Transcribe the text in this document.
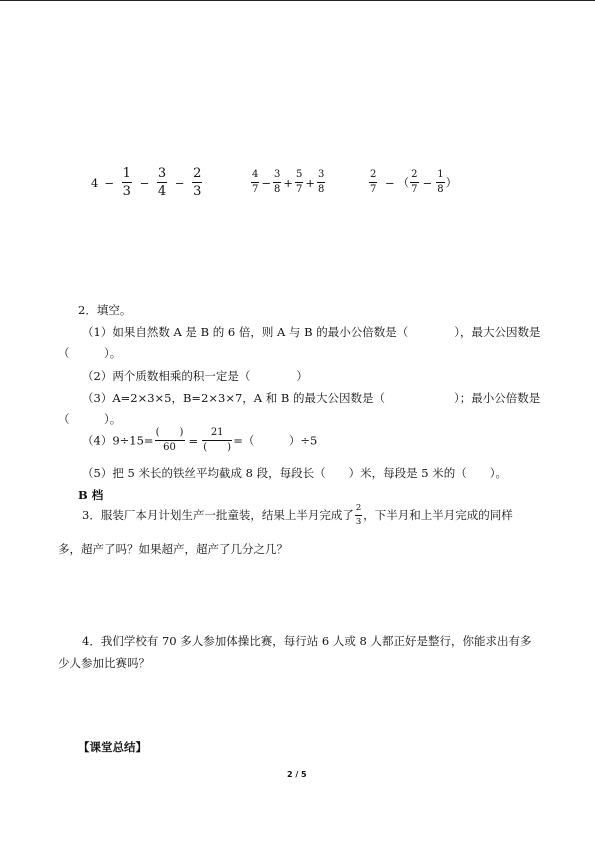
$4 - \frac{1}{3} - \frac{3}{4} - \frac{2}{3}$	$\frac{4}{7} - \frac{3}{8} + \frac{5}{7} + \frac{3}{8}$	$\frac{2}{7}$ − （ $\frac{2}{7} - \frac{1}{8}$ ）
2．填空。
（1）如果自然数 A 是 B 的 6 倍，则 A 与 B 的最小公倍数是（　　　　），最大公因数是
（　　　）。
（2）两个质数相乘的积一定是（　　　　）
（3）A=2×3×5，B=2×3×7，A 和 B 的最大公因数是（　　　　　　）；最小公倍数是
（　　　）。
$(4)9\div 15= \frac{( )}{60} = \frac{21}{( )}$ =（　　　）÷5
（5）把 5 米长的铁丝平均截成 8 段，每段长（　　）米，每段是 5 米的（　　）。
B 档
3．服装厂本月计划生产一批童装，结果上半月完成了 $\frac{2}{3}$ ，下半月和上半月完成的同样
多，超产了吗？如果超产，超产了几分之几？
4．我们学校有 70 多人参加体操比赛，每行站 6 人或 8 人都正好是整行，你能求出有多
少人参加比赛吗？
【课堂总结】
2 / 5
